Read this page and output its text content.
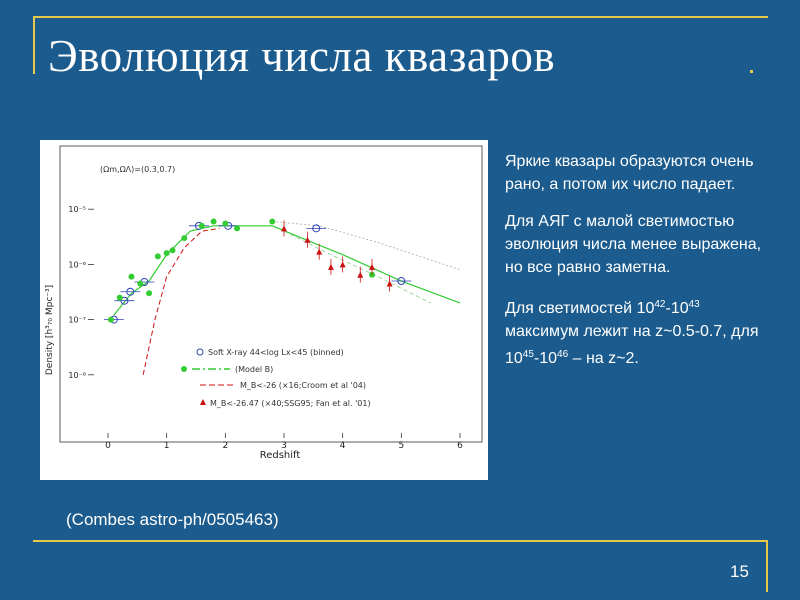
Эволюция числа квазаров
0	1	2	3	4	5	6
10⁻⁸
10⁻⁷
10⁻⁶
10⁻⁵
(Ωm,ΩΛ)=(0.3,0.7)
Redshift
Density [h³₇₀ Mpc⁻³]	Soft X-ray 44<log Lx<45 (binned)
(Model B)
M_B<-26 (×16;Croom et al '04)
M_B<-26.47 (×40;SSG95; Fan et al. '01)

Яркие квазары образуются очень рано, а потом их число падает.

Для АЯГ с малой светимостью эволюция числа менее выражена, но все равно заметна.

Для светимостей $10^{42}-10^{43}$ максимум лежит на z~0.5-0.7, для $10^{45}-10^{46}$ – на z~2.

(Combes astro-ph/0505463)
15
